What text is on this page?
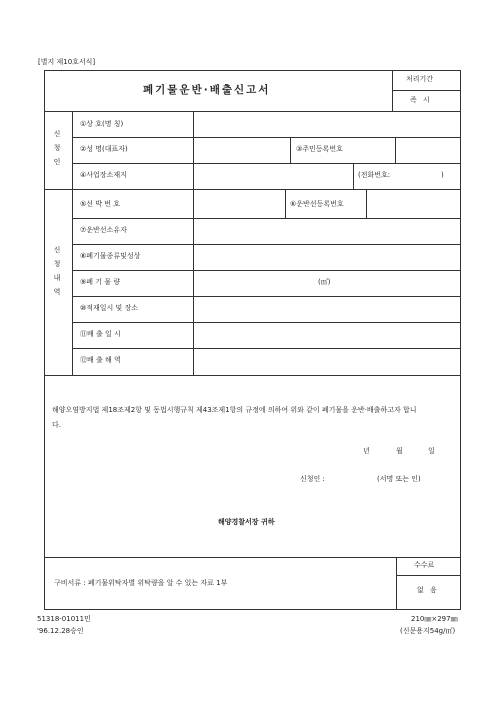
[별지 제10호서식]
폐기물운반·배출신고서
처리기간
즉 시
신
청
인
①상 호(명 칭)
②성 명(대표자)	③주민등록번호
④사업장소재지	(전화번호:	)
신
청
내
역
⑤선 박 번 호	⑥운반선등록번호
⑦운반선소유자
⑧폐기물종류및성상
⑨폐 기 물 량	(㎥)
⑩적재일시 및 장소
⑪배 출 일 시
⑫배 출 해 역
해양오염방지법 제18조제2항 및 동법시행규칙 제43조제1항의 규정에 의하여 위와 같이 폐기물을 운반·배출하고자 합니다.
년	월	일
신청인 :	(서명 또는 인)
해양경찰서장 귀하
구비서류 : 폐기물위탁자별 위탁량을 알 수 있는 자료 1부
수수료
없 음
51318-01011민
'96.12.28승인
210㎜×297㎜
(신문용지54g/㎡)
